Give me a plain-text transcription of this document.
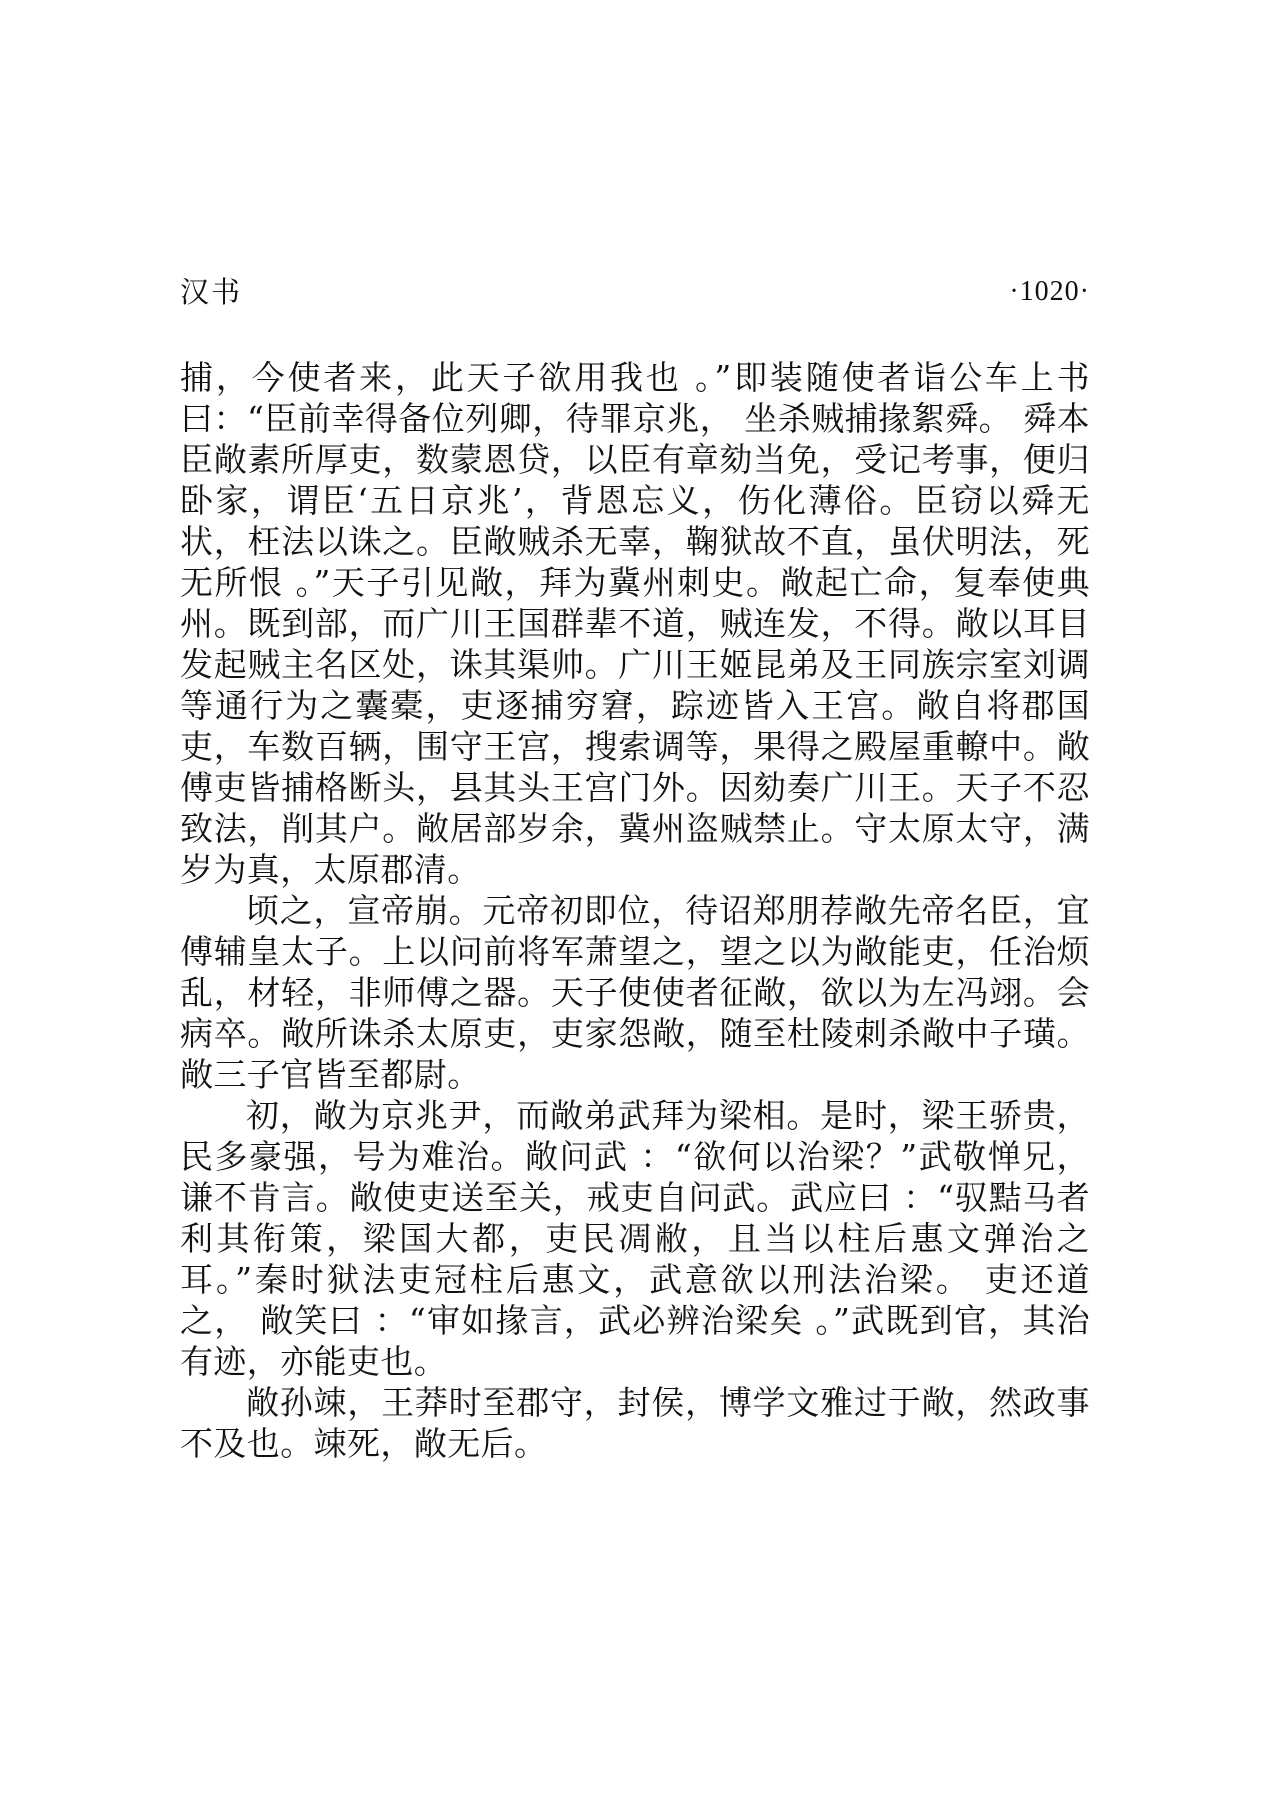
汉书	·1020·

捕，今使者来，此天子欲用我也 。”即装随使者诣公车上书曰：“臣前幸得备位列卿，待罪京兆， 坐杀贼捕掾絮舜。 舜本臣敞素所厚吏，数蒙恩贷，以臣有章劾当免，受记考事，便归卧家，谓臣‘五日京兆’，背恩忘义，伤化薄俗。臣窃以舜无状，枉法以诛之。臣敞贼杀无辜，鞠狱故不直，虽伏明法，死无所恨 。”天子引见敞，拜为冀州刺史。敞起亡命，复奉使典州。既到部，而广川王国群辈不道，贼连发，不得。敞以耳目发起贼主名区处，诛其渠帅。广川王姬昆弟及王同族宗室刘调等通行为之囊橐，吏逐捕穷窘，踪迹皆入王宫。敞自将郡国吏，车数百辆，围守王宫，搜索调等，果得之殿屋重轑中。敞傅吏皆捕格断头，县其头王宫门外。因劾奏广川王。天子不忍致法，削其户。敞居部岁余，冀州盗贼禁止。守太原太守，满岁为真，太原郡清。

顷之，宣帝崩。元帝初即位，待诏郑朋荐敞先帝名臣，宜傅辅皇太子。上以问前将军萧望之，望之以为敞能吏，任治烦乱，材轻，非师傅之器。天子使使者征敞，欲以为左冯翊。会病卒。敞所诛杀太原吏，吏家怨敞，随至杜陵刺杀敞中子璜。敞三子官皆至都尉。

初，敞为京兆尹，而敞弟武拜为梁相。是时，梁王骄贵，民多豪强，号为难治。敞问武 ：“欲何以治梁？”武敬惮兄，谦不肯言。敞使吏送至关，戒吏自问武。武应曰 ：“驭黠马者利其衔策，梁国大都，吏民凋敝，且当以柱后惠文弹治之耳。”秦时狱法吏冠柱后惠文，武意欲以刑法治梁。 吏还道之， 敞笑曰 ：“审如掾言，武必辨治梁矣 。”武既到官，其治有迹，亦能吏也。

敞孙竦，王莽时至郡守，封侯，博学文雅过于敞，然政事不及也。竦死，敞无后。
